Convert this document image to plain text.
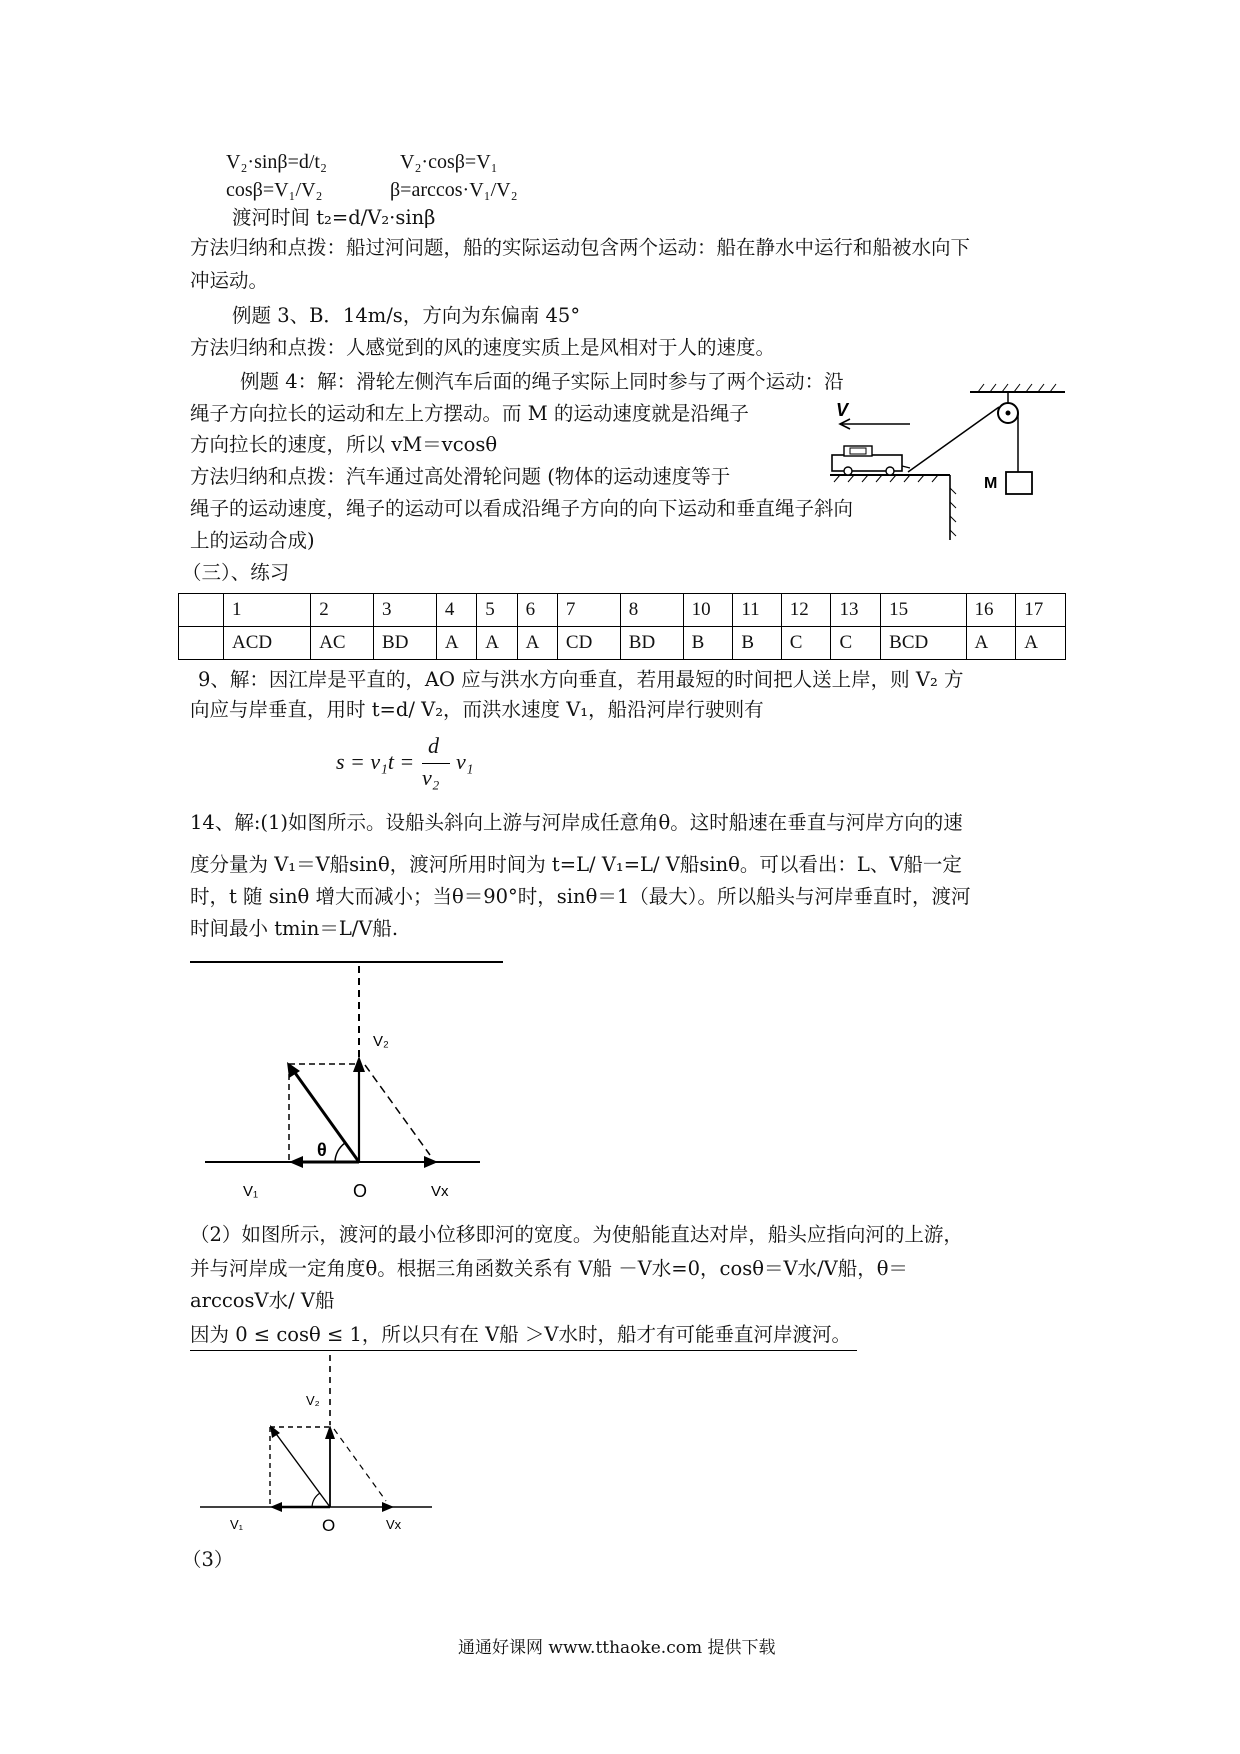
V₂·sinβ=d/t₂	V₂·cosβ=V₁
cosβ=V₁/V₂	β=arccos·V₁/V₂
渡河时间 t₂=d/V₂·sinβ
方法归纳和点拨：船过河问题，船的实际运动包含两个运动：船在静水中运行和船被水向下
冲运动。
例题 3、B．14m/s，方向为东偏南 45°
方法归纳和点拨：人感觉到的风的速度实质上是风相对于人的速度。
例题 4：解：滑轮左侧汽车后面的绳子实际上同时参与了两个运动：沿
绳子方向拉长的运动和左上方摆动。而 M 的运动速度就是沿绳子
方向拉长的速度，所以 vM＝vcosθ
方法归纳和点拨：汽车通过高处滑轮问题 (物体的运动速度等于
绳子的运动速度，绳子的运动可以看成沿绳子方向的向下运动和垂直绳子斜向
上的运动合成)
（三）、练习
V
M
	1	2	3	4	5	6	7	8	10	11	12	13	15	16	17
	ACD	AC	BD	A	A	A	CD	BD	B	B	C	C	BCD	A	A
9、解：因江岸是平直的，AO 应与洪水方向垂直，若用最短的时间把人送上岸，则 V₂ 方
向应与岸垂直，用时 t=d/ V₂，而洪水速度 V₁，船沿河岸行驶则有
s = v₁t =
d
v₂
v₁
14、解:(1)如图所示。设船头斜向上游与河岸成任意角θ。这时船速在垂直与河岸方向的速
度分量为 V₁＝V船sinθ，渡河所用时间为 t=L/ V₁=L/ V船sinθ。可以看出：L、V船一定
时，t 随 sinθ 增大而减小；当θ＝90°时，sinθ＝1（最大）。所以船头与河岸垂直时，渡河
时间最小 tmin＝L/V船.
θ
V₂
V₁	O	Vx
（2）如图所示，渡河的最小位移即河的宽度。为使船能直达对岸，船头应指向河的上游，
并与河岸成一定角度θ。根据三角函数关系有 V船 －V水=0，cosθ＝V水/V船，θ＝
arccosV水/ V船
因为 0 ≤ cosθ ≤ 1，所以只有在 V船 ＞V水时，船才有可能垂直河岸渡河。
V₂
V₁	O	Vx
（3）
通通好课网 www.tthaoke.com 提供下载
